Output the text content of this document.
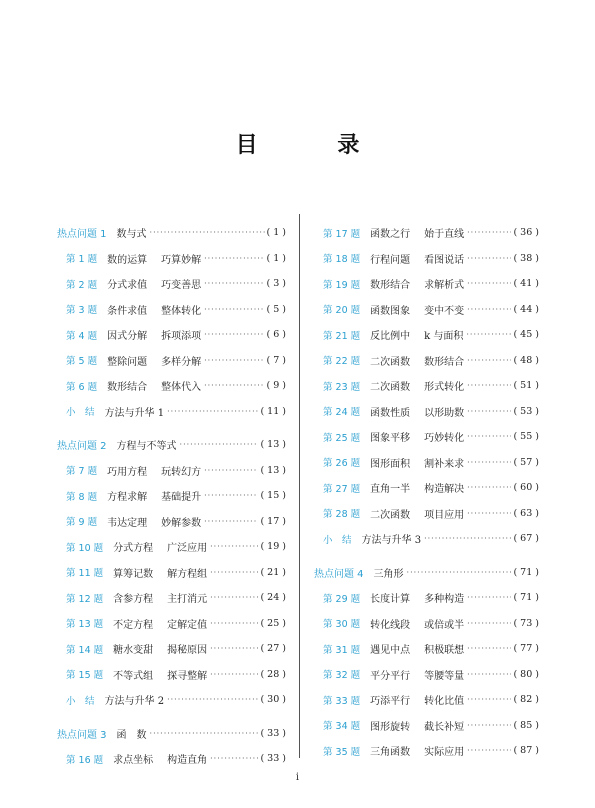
目 录
热点问题 1 数与式 ·····	( 1 )
第 1 题 数的运算 巧算妙解 ·····	( 1 )
第 2 题 分式求值 巧变善思 ·····	( 3 )
第 3 题 条件求值 整体转化 ·····	( 5 )
第 4 题 因式分解 拆项添项 ·····	( 6 )
第 5 题 整除问题 多样分解 ·····	( 7 )
第 6 题 数形结合 整体代入 ·····	( 9 )
小　结 方法与升华 1 ·····	( 11 )
热点问题 2 方程与不等式 ·····	( 13 )
第 7 题 巧用方程 玩转幻方 ·····	( 13 )
第 8 题 方程求解 基础提升 ·····	( 15 )
第 9 题 韦达定理 妙解参数 ·····	( 17 )
第 10 题 分式方程 广泛应用 ·····	( 19 )
第 11 题 算筹记数 解方程组 ·····	( 21 )
第 12 题 含参方程 主打消元 ·····	( 24 )
第 13 题 不定方程 定解定值 ·····	( 25 )
第 14 题 糖水变甜 揭秘原因 ·····	( 27 )
第 15 题 不等式组 探寻整解 ·····	( 28 )
小　结 方法与升华 2 ·····	( 30 )
热点问题 3 函　数 ·····	( 33 )
第 16 题 求点坐标 构造直角 ·····	( 33 )
第 17 题 函数之行 始于直线 ·····	( 36 )
第 18 题 行程问题 看图说话 ·····	( 38 )
第 19 题 数形结合 求解析式 ·····	( 41 )
第 20 题 函数图象 变中不变 ·····	( 44 )
第 21 题 反比例中 k 与面积 ·····	( 45 )
第 22 题 二次函数 数形结合 ·····	( 48 )
第 23 题 二次函数 形式转化 ·····	( 51 )
第 24 题 函数性质 以形助数 ·····	( 53 )
第 25 题 图象平移 巧妙转化 ·····	( 55 )
第 26 题 图形面积 割补来求 ·····	( 57 )
第 27 题 直角一半 构造解决 ·····	( 60 )
第 28 题 二次函数 项目应用 ·····	( 63 )
小　结 方法与升华 3 ·····	( 67 )
热点问题 4 三角形 ·····	( 71 )
第 29 题 长度计算 多种构造 ·····	( 71 )
第 30 题 转化线段 或倍或半 ·····	( 73 )
第 31 题 遇见中点 积极联想 ·····	( 77 )
第 32 题 平分平行 等腰等量 ·····	( 80 )
第 33 题 巧添平行 转化比值 ·····	( 82 )
第 34 题 图形旋转 截长补短 ·····	( 85 )
第 35 题 三角函数 实际应用 ·····	( 87 )
i
